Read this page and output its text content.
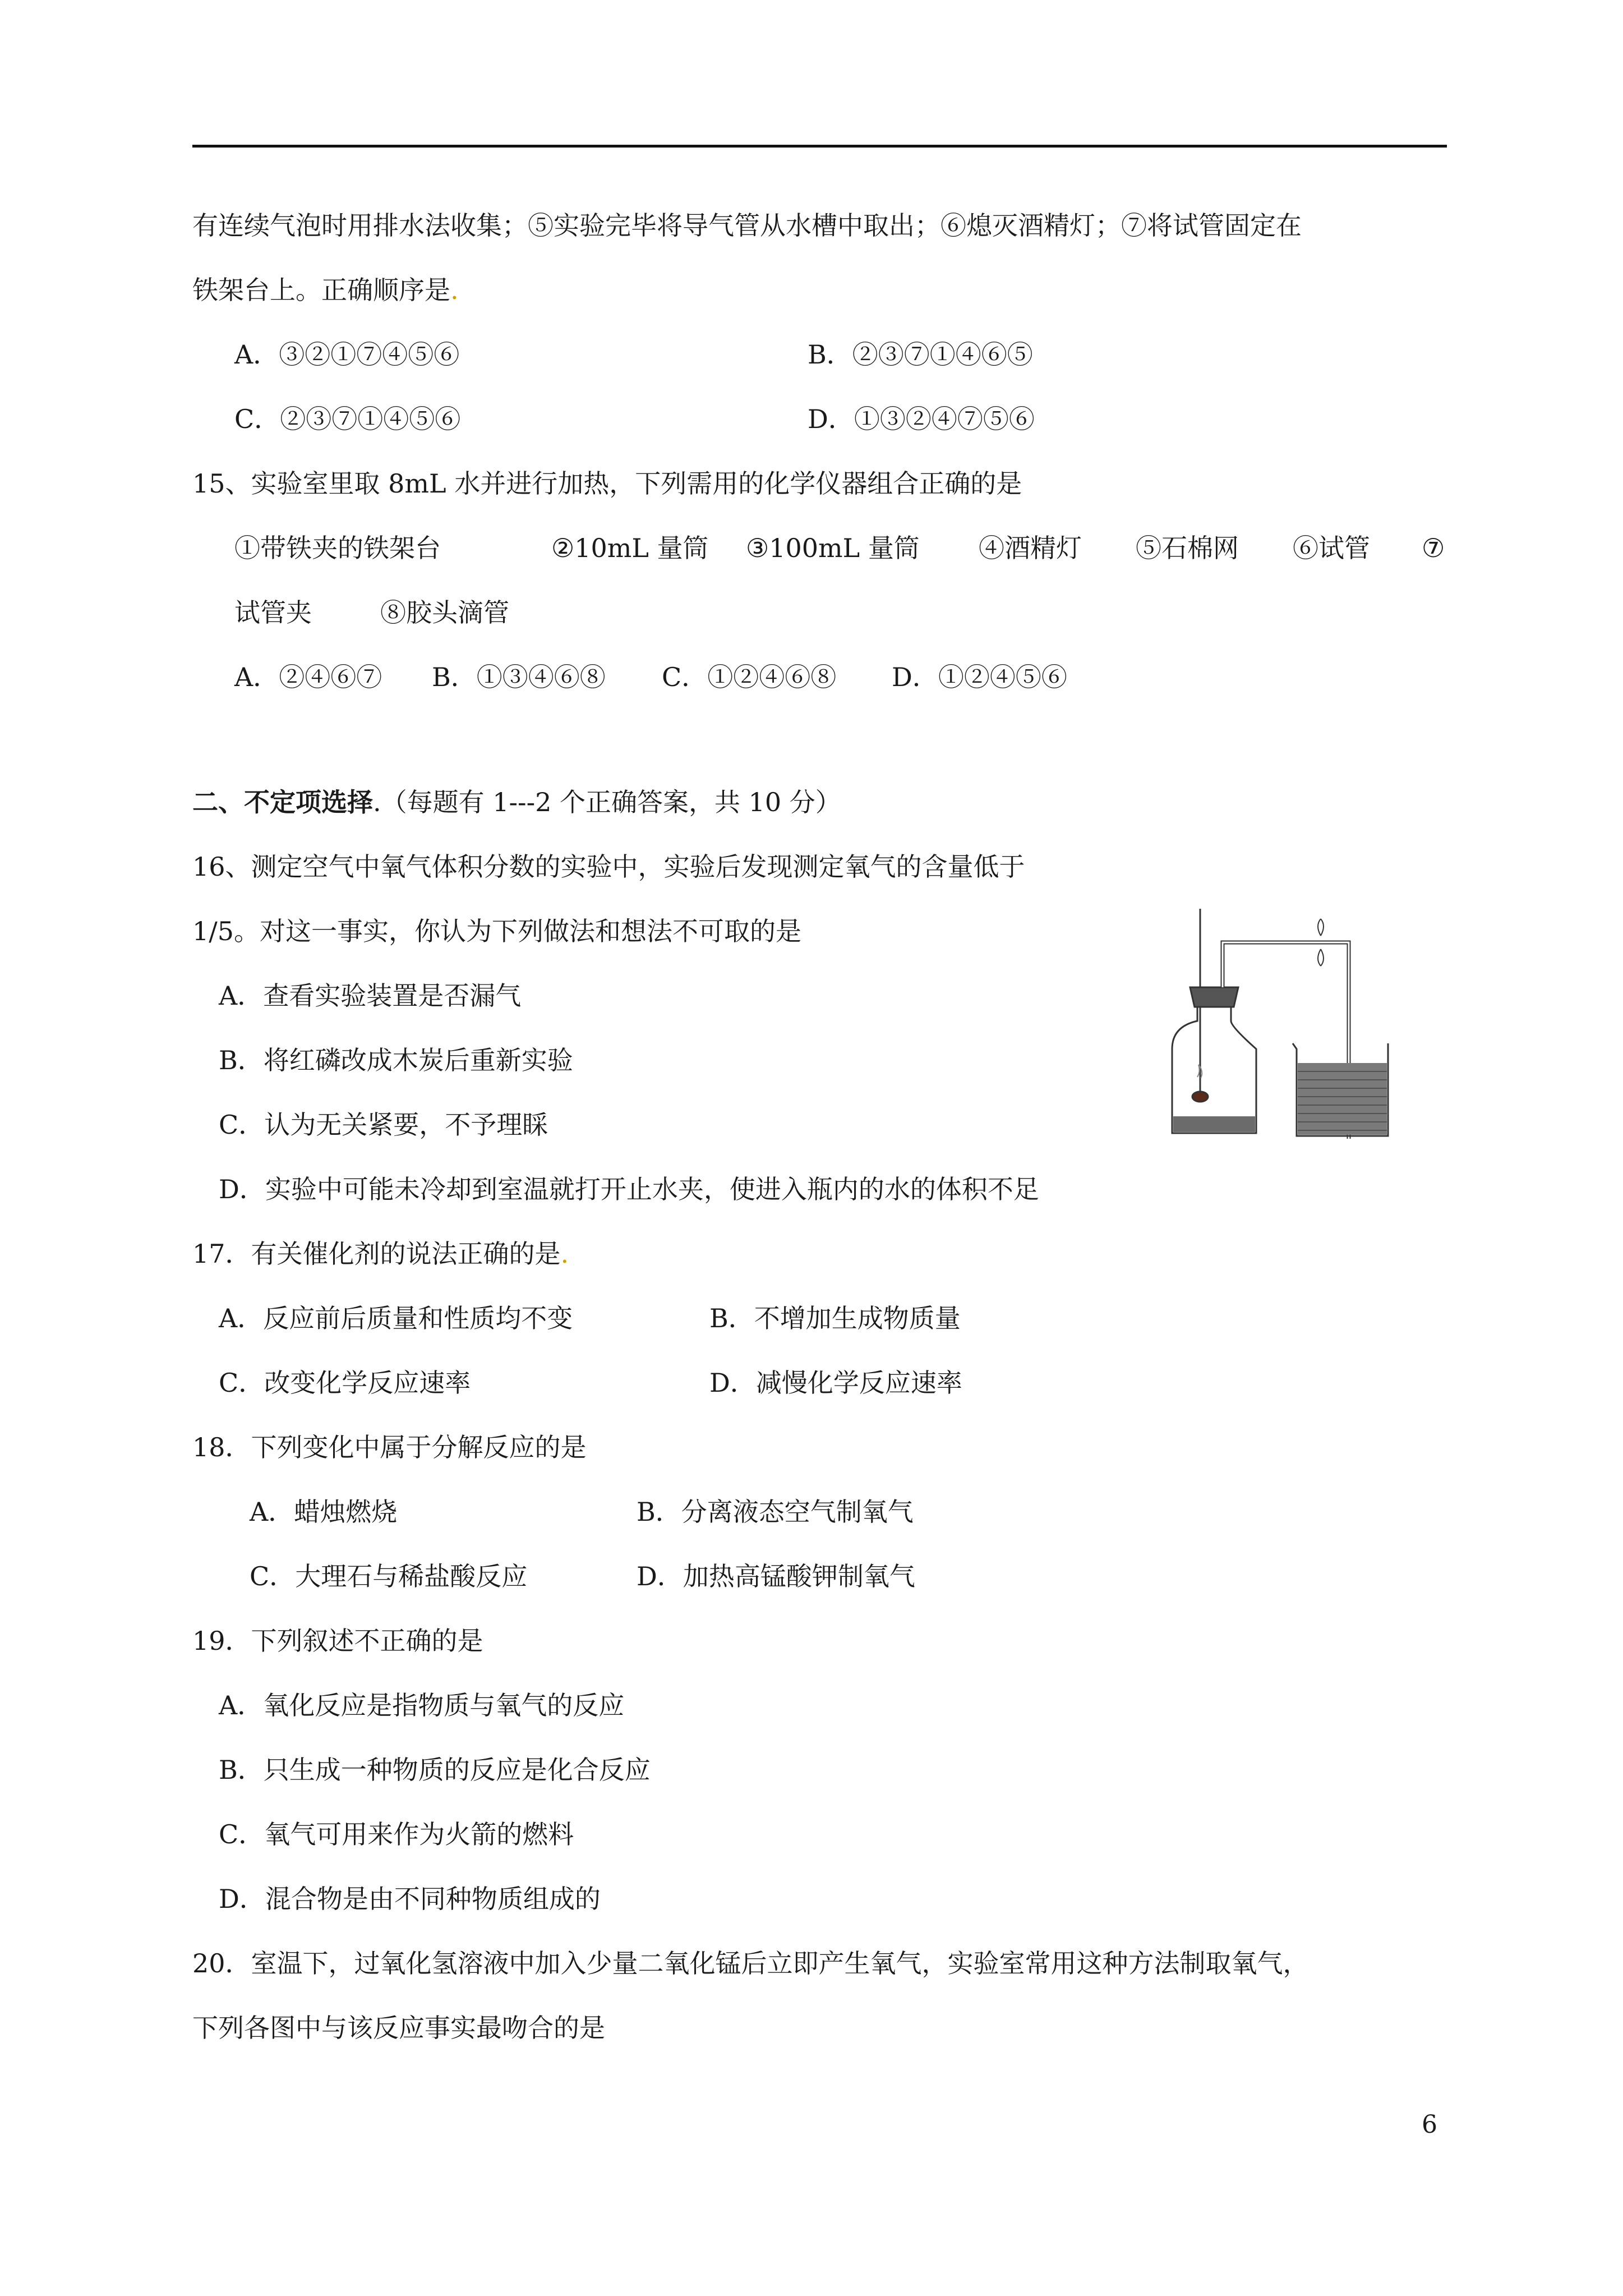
有连续气泡时用排水法收集；⑤实验完毕将导气管从水槽中取出；⑥熄灭酒精灯；⑦将试管固定在
铁架台上。正确顺序是.
A．③②①⑦④⑤⑥	B．②③⑦①④⑥⑤
C．②③⑦①④⑤⑥	D．①③②④⑦⑤⑥
15、实验室里取 8mL 水并进行加热，下列需用的化学仪器组合正确的是
①带铁夹的铁架台	②10mL 量筒 ③100mL 量筒 ④酒精灯 ⑤石棉网 ⑥试管 ⑦
试管夹	⑧胶头滴管
A．②④⑥⑦ B．①③④⑥⑧ C．①②④⑥⑧ D．①②④⑤⑥
二、不定项选择.（每题有 1---2 个正确答案，共 10 分）
16、测定空气中氧气体积分数的实验中，实验后发现测定氧气的含量低于
1/5。对这一事实，你认为下列做法和想法不可取的是
A．查看实验装置是否漏气
B．将红磷改成木炭后重新实验
C．认为无关紧要，不予理睬
D．实验中可能未冷却到室温就打开止水夹，使进入瓶内的水的体积不足
17．有关催化剂的说法正确的是.
A．反应前后质量和性质均不变	B．不增加生成物质量
C．改变化学反应速率	D．减慢化学反应速率
18．下列变化中属于分解反应的是
A．蜡烛燃烧	B．分离液态空气制氧气
C．大理石与稀盐酸反应	D．加热高锰酸钾制氧气
19．下列叙述不正确的是
A．氧化反应是指物质与氧气的反应
B．只生成一种物质的反应是化合反应
C．氧气可用来作为火箭的燃料
D．混合物是由不同种物质组成的
20．室温下，过氧化氢溶液中加入少量二氧化锰后立即产生氧气，实验室常用这种方法制取氧气，
下列各图中与该反应事实最吻合的是
6
